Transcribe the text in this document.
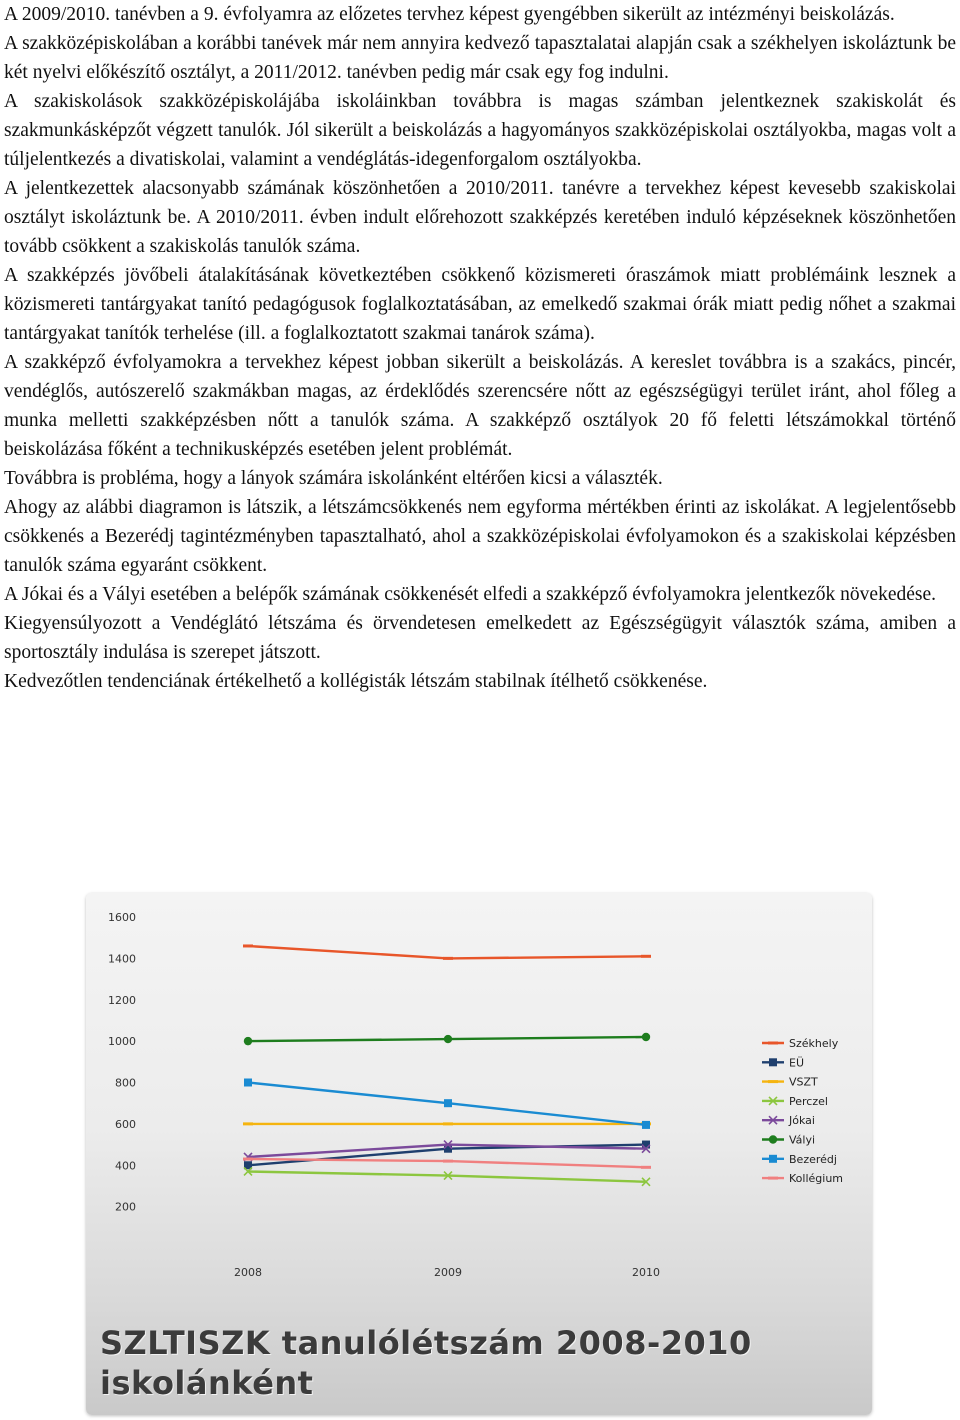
A 2009/2010. tanévben a 9. évfolyamra az előzetes tervhez képest gyengébben sikerült az intézményi beiskolázás.

A szakközépiskolában a korábbi tanévek már nem annyira kedvező tapasztalatai alapján csak a székhelyen iskoláztunk be két nyelvi előkészítő osztályt, a 2011/2012. tanévben pedig már csak egy fog indulni.

A szakiskolások szakközépiskolájába iskoláinkban továbbra is magas számban jelentkeznek szakiskolát és szakmunkásképzőt végzett tanulók. Jól sikerült a beiskolázás a hagyományos szakközépiskolai osztályokba, magas volt a túljelentkezés a divatiskolai, valamint a vendéglátás-idegenforgalom osztályokba.

A jelentkezettek alacsonyabb számának köszönhetően a 2010/2011. tanévre a tervekhez képest kevesebb szakiskolai osztályt iskoláztunk be. A 2010/2011. évben indult előrehozott szakképzés keretében induló képzéseknek köszönhetően tovább csökkent a szakiskolás tanulók száma.

A szakképzés jövőbeli átalakításának következtében csökkenő közismereti óraszámok miatt problémáink lesznek a közismereti tantárgyakat tanító pedagógusok foglalkoztatásában, az emelkedő szakmai órák miatt pedig nőhet a szakmai tantárgyakat tanítók terhelése (ill. a foglalkoztatott szakmai tanárok száma).

A szakképző évfolyamokra a tervekhez képest jobban sikerült a beiskolázás. A kereslet továbbra is a szakács, pincér, vendéglős, autószerelő szakmákban magas, az érdeklődés szerencsére nőtt az egészségügyi terület iránt, ahol főleg a munka melletti szakképzésben nőtt a tanulók száma. A szakképző osztályok 20 fő feletti létszámokkal történő beiskolázása főként a technikusképzés esetében jelent problémát.

Továbbra is probléma, hogy a lányok számára iskolánként eltérően kicsi a választék.

Ahogy az alábbi diagramon is látszik, a létszámcsökkenés nem egyforma mértékben érinti az iskolákat. A legjelentősebb csökkenés a Bezerédj tagintézményben tapasztalható, ahol a szakközépiskolai évfolyamokon és a szakiskolai képzésben tanulók száma egyaránt csökkent.

A Jókai és a Vályi esetében a belépők számának csökkenését elfedi a szakképző évfolyamokra jelentkezők növekedése.

Kiegyensúlyozott a Vendéglátó létszáma és örvendetesen emelkedett az Egészségügyit választók száma, amiben a sportosztály indulása is szerepet játszott.

Kedvezőtlen tendenciának értékelhető a kollégisták létszám stabilnak ítélhető csökkenése.

200
400
600
800
1000
1200
1400
1600
2008	2009	2010
Székhely
EÜ
VSZT
Perczel
Jókai
Vályi
Bezerédj
Kollégium
SZLTISZK tanulólétszám 2008-2010
iskolánként
